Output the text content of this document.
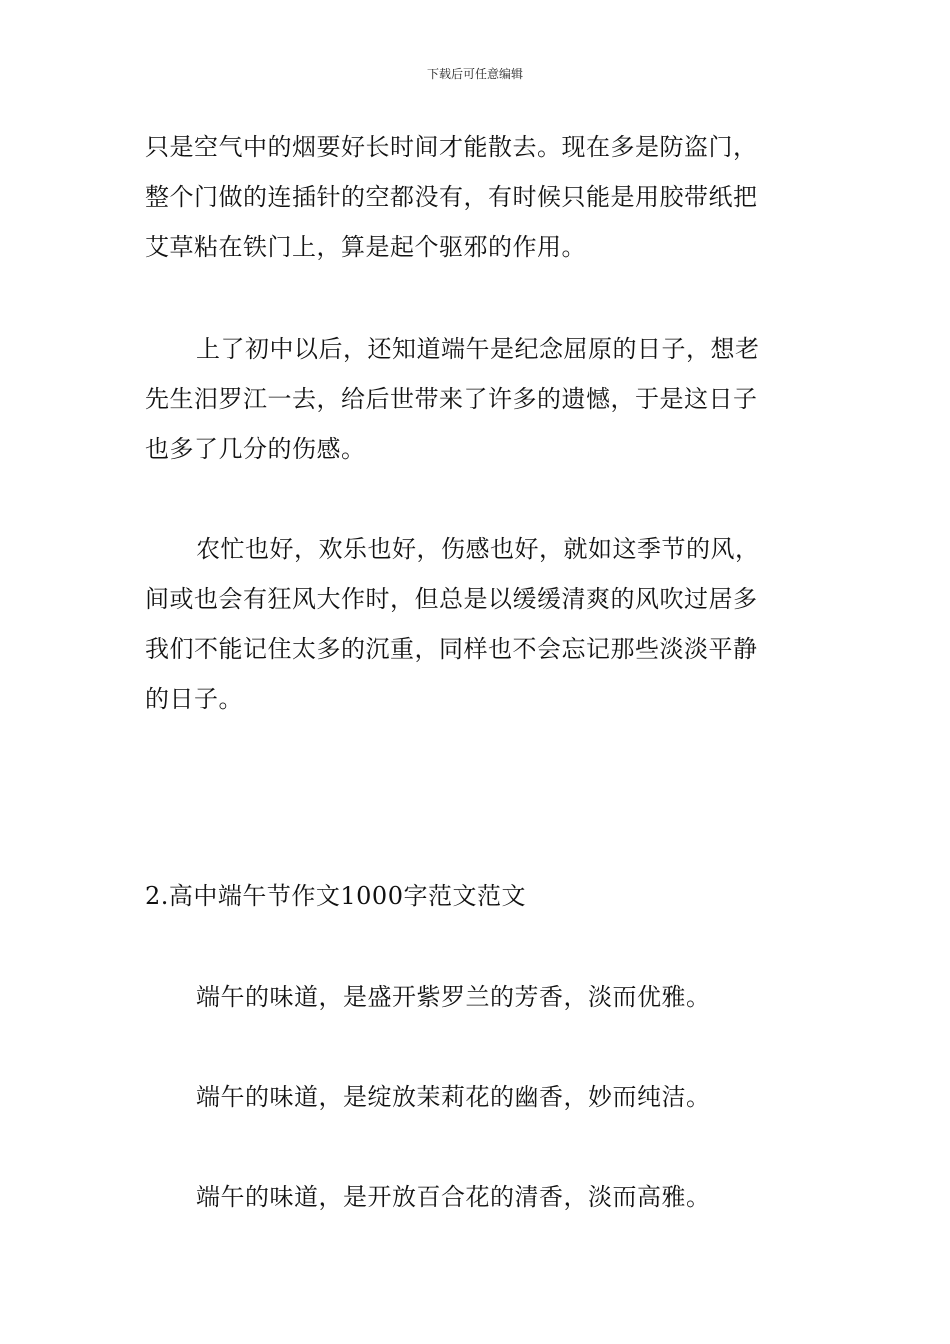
下载后可任意编辑
只是空气中的烟要好长时间才能散去。现在多是防盗门，
整个门做的连插针的空都没有，有时候只能是用胶带纸把
艾草粘在铁门上，算是起个驱邪的作用。
上了初中以后，还知道端午是纪念屈原的日子，想老
先生汨罗江一去，给后世带来了许多的遗憾，于是这日子
也多了几分的伤感。
农忙也好，欢乐也好，伤感也好，就如这季节的风，
间或也会有狂风大作时，但总是以缓缓清爽的风吹过居多
我们不能记住太多的沉重，同样也不会忘记那些淡淡平静
的日子。
2.高中端午节作文1000字范文范文
端午的味道，是盛开紫罗兰的芳香，淡而优雅。
端午的味道，是绽放茉莉花的幽香，妙而纯洁。
端午的味道，是开放百合花的清香，淡而高雅。
